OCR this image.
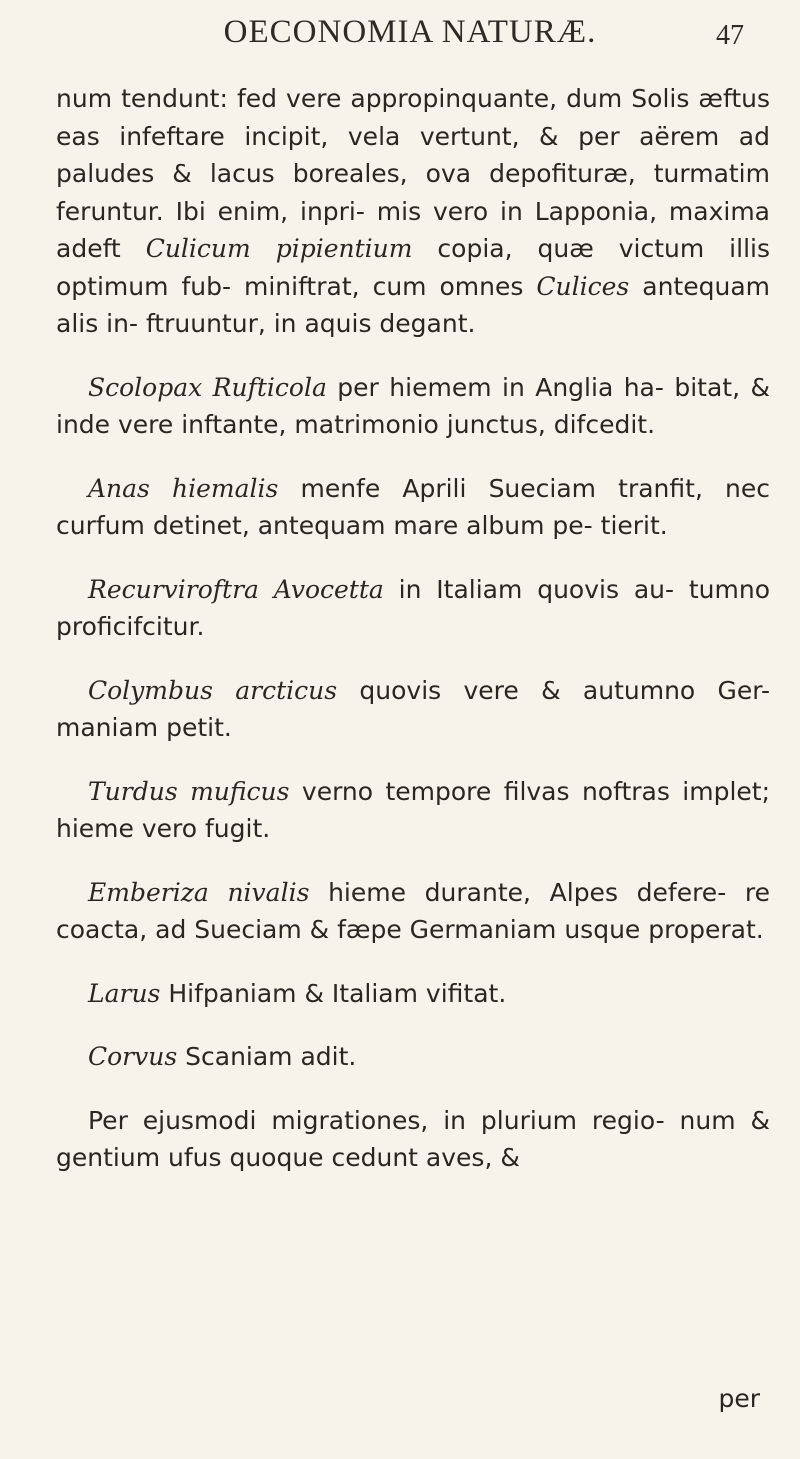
OECONOMIA NATURÆ.	47

num tendunt: fed vere appropinquante, dum Solis æftus eas infeftare incipit, vela vertunt, & per aërem ad paludes & lacus boreales, ova depofituræ, turmatim feruntur. Ibi enim, inpri- mis vero in Lapponia, maxima adeft Culicum pipientium copia, quæ victum illis optimum fub- miniftrat, cum omnes Culices antequam alis in- ftruuntur, in aquis degant.

Scolopax Rufticola per hiemem in Anglia ha- bitat, & inde vere inftante, matrimonio junctus, difcedit.

Anas hiemalis menfe Aprili Sueciam tranfit, nec curfum detinet, antequam mare album pe- tierit.

Recurviroftra Avocetta in Italiam quovis au- tumno proficifcitur.

Colymbus arcticus quovis vere & autumno Ger- maniam petit.

Turdus muficus verno tempore filvas noftras implet; hieme vero fugit.

Emberiza nivalis hieme durante, Alpes defere- re coacta, ad Sueciam & fæpe Germaniam usque properat.

Larus Hifpaniam & Italiam vifitat.

Corvus Scaniam adit.

Per ejusmodi migrationes, in plurium regio- num & gentium ufus quoque cedunt aves, &

per
